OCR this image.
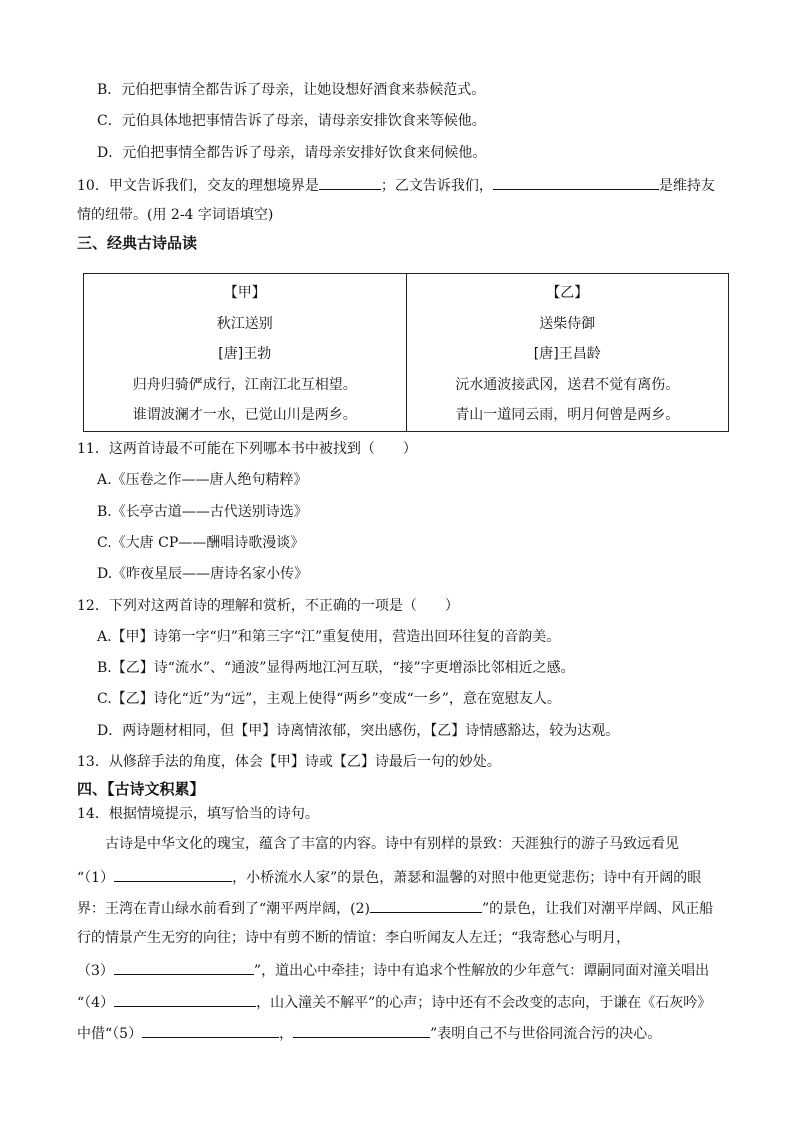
B．元伯把事情全都告诉了母亲，让她设想好酒食来恭候范式。
C．元伯具体地把事情告诉了母亲，请母亲安排饮食来等候他。
D．元伯把事情全都告诉了母亲，请母亲安排好饮食来伺候他。
10．甲文告诉我们，交友的理想境界是	；乙文告诉我们，	是维持友
情的纽带。(用 2-4 字词语填空)
三、经典古诗品读
【甲】
秋江送别
[唐]王勃
归舟归骑俨成行，江南江北互相望。
谁谓波澜才一水，已觉山川是两乡。

【乙】
送柴侍御
[唐]王昌龄
沅水通波接武冈，送君不觉有离伤。
青山一道同云雨，明月何曾是两乡。
11．这两首诗最不可能在下列哪本书中被找到（　　）
A.《压卷之作——唐人绝句精粹》
B.《长亭古道——古代送别诗选》
C.《大唐 CP——酬唱诗歌漫谈》
D.《昨夜星辰——唐诗名家小传》
12．下列对这两首诗的理解和赏析，不正确的一项是（　　）
A.【甲】诗第一字“归”和第三字“江”重复使用，营造出回环往复的音韵美。
B.【乙】诗“流水”、“通波”显得两地江河互联，“接”字更增添比邻相近之感。
C.【乙】诗化“近”为“远”，主观上使得“两乡”变成“一乡”，意在宽慰友人。
D．两诗题材相同，但【甲】诗离情浓郁，突出感伤，【乙】诗情感豁达，较为达观。
13．从修辞手法的角度，体会【甲】诗或【乙】诗最后一句的妙处。
四、【古诗文积累】
14．根据情境提示，填写恰当的诗句。
古诗是中华文化的瑰宝，蕴含了丰富的内容。诗中有别样的景致：天涯独行的游子马致远看见
“（1）	，小桥流水人家”的景色，萧瑟和温馨的对照中他更觉悲伤；诗中有开阔的眼
界：王湾在青山绿水前看到了“潮平两岸阔，(2)	”的景色，让我们对潮平岸阔、风正船
行的情景产生无穷的向往；诗中有剪不断的情谊：李白听闻友人左迁；“我寄愁心与明月，
（3）	”，道出心中牵挂；诗中有追求个性解放的少年意气：谭嗣同面对潼关唱出
“（4）	，山入潼关不解平”的心声；诗中还有不会改变的志向，于谦在《石灰吟》
中借“（5）	，	”表明自己不与世俗同流合污的决心。
